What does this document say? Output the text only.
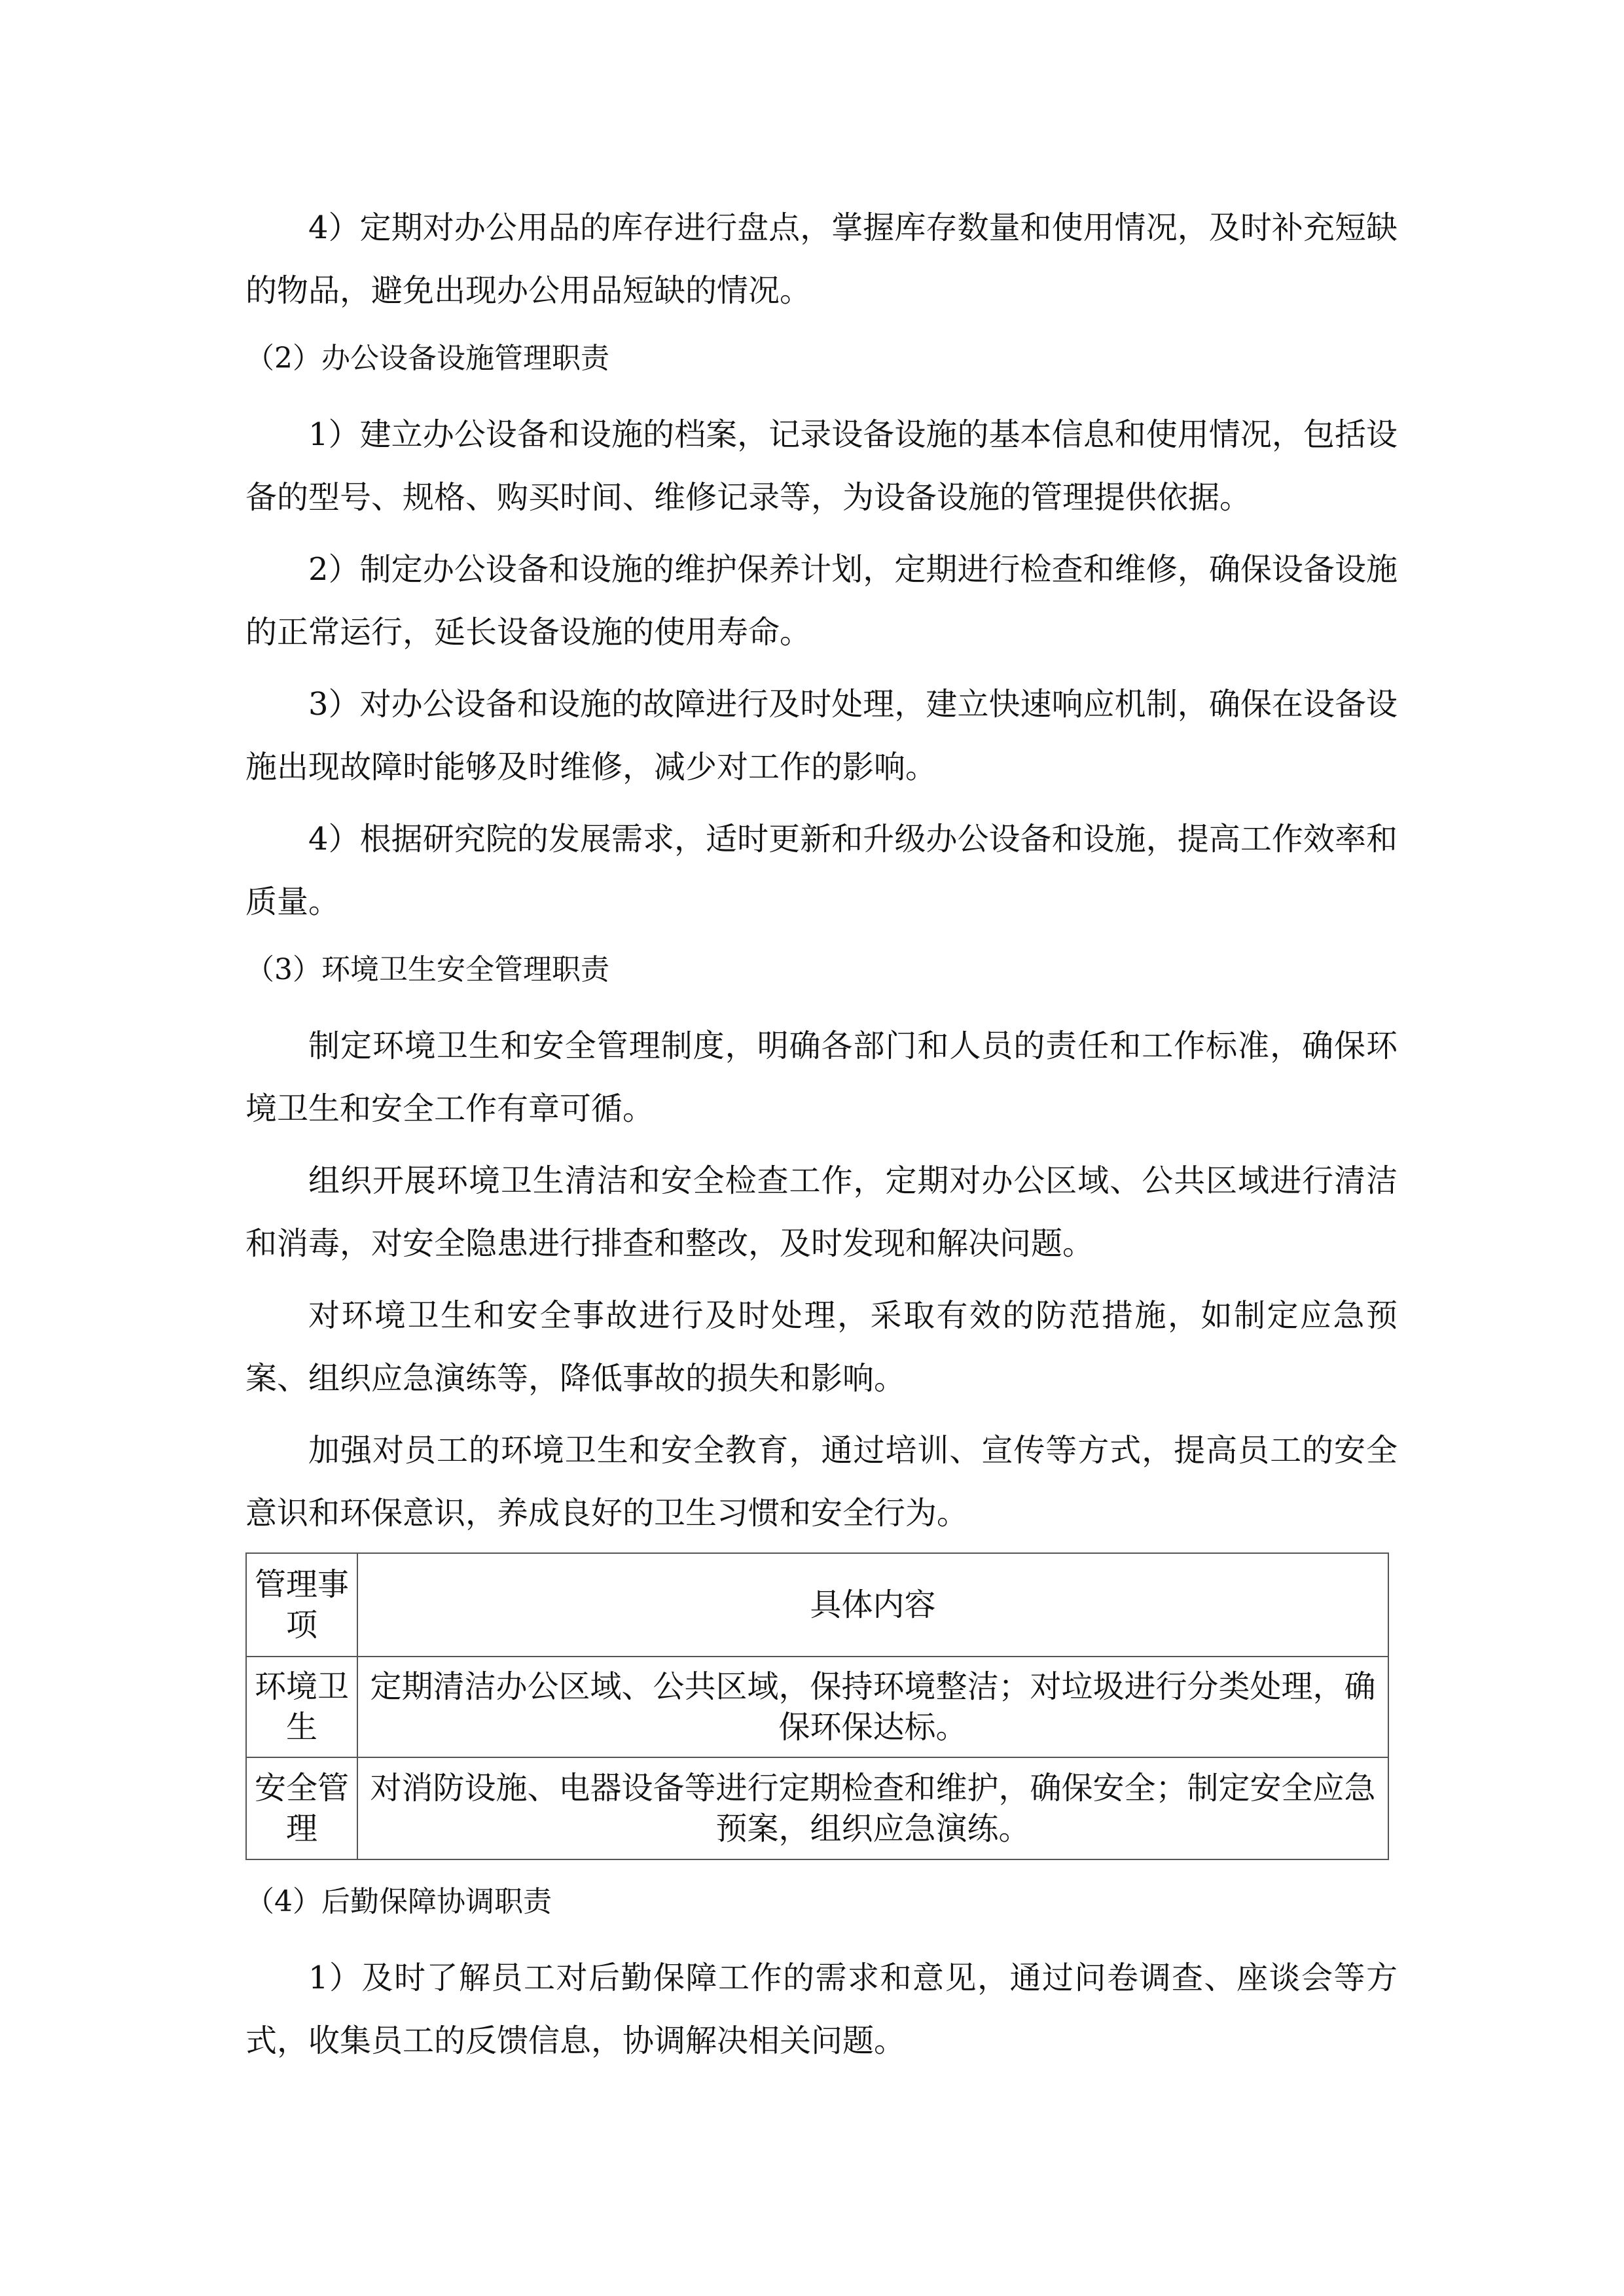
4）定期对办公用品的库存进行盘点，掌握库存数量和使用情况，及时补充短缺的物品，避免出现办公用品短缺的情况。

（2）办公设备设施管理职责

1）建立办公设备和设施的档案，记录设备设施的基本信息和使用情况，包括设备的型号、规格、购买时间、维修记录等，为设备设施的管理提供依据。

2）制定办公设备和设施的维护保养计划，定期进行检查和维修，确保设备设施的正常运行，延长设备设施的使用寿命。

3）对办公设备和设施的故障进行及时处理，建立快速响应机制，确保在设备设施出现故障时能够及时维修，减少对工作的影响。

4）根据研究院的发展需求，适时更新和升级办公设备和设施，提高工作效率和质量。

（3）环境卫生安全管理职责

制定环境卫生和安全管理制度，明确各部门和人员的责任和工作标准，确保环境卫生和安全工作有章可循。

组织开展环境卫生清洁和安全检查工作，定期对办公区域、公共区域进行清洁和消毒，对安全隐患进行排查和整改，及时发现和解决问题。

对环境卫生和安全事故进行及时处理，采取有效的防范措施，如制定应急预案、组织应急演练等，降低事故的损失和影响。

加强对员工的环境卫生和安全教育，通过培训、宣传等方式，提高员工的安全意识和环保意识，养成良好的卫生习惯和安全行为。

管理事项	具体内容
环境卫生	定期清洁办公区域、公共区域，保持环境整洁；对垃圾进行分类处理，确保环保达标。
安全管理	对消防设施、电器设备等进行定期检查和维护，确保安全；制定安全应急预案，组织应急演练。

（4）后勤保障协调职责

1）及时了解员工对后勤保障工作的需求和意见，通过问卷调查、座谈会等方式，收集员工的反馈信息，协调解决相关问题。
